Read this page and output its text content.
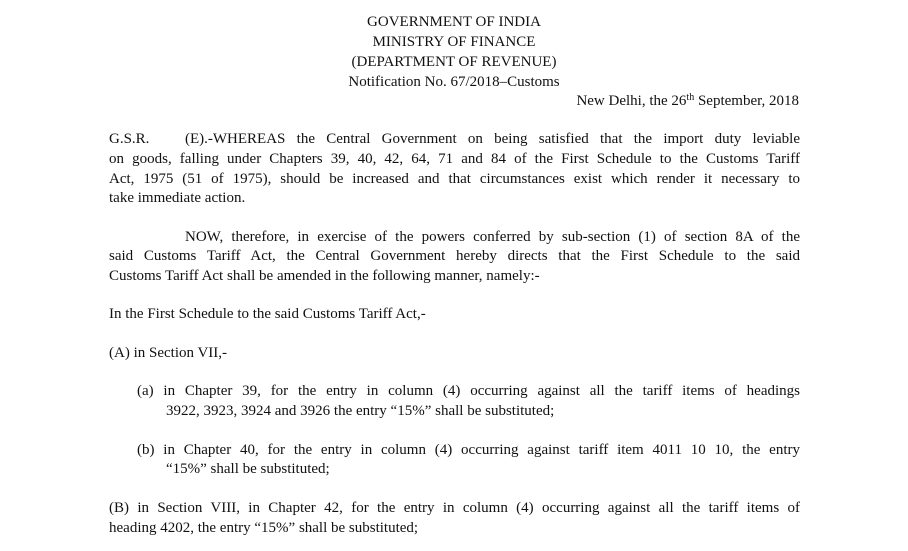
GOVERNMENT OF INDIA
MINISTRY OF FINANCE
(DEPARTMENT OF REVENUE)
Notification No. 67/2018–Customs
New Delhi, the 26th September, 2018
G.S.R. (E).-WHEREAS the Central Government on being satisfied that the import duty leviable
on goods, falling under Chapters 39, 40, 42, 64, 71 and 84 of the First Schedule to the Customs Tariff
Act, 1975 (51 of 1975), should be increased and that circumstances exist which render it necessary to
take immediate action.
NOW, therefore, in exercise of the powers conferred by sub-section (1) of section 8A of the
said Customs Tariff Act, the Central Government hereby directs that the First Schedule to the said
Customs Tariff Act shall be amended in the following manner, namely:-
In the First Schedule to the said Customs Tariff Act,-
(A) in Section VII,-
(a) in Chapter 39, for the entry in column (4) occurring against all the tariff items of headings
3922, 3923, 3924 and 3926 the entry “15%” shall be substituted;
(b) in Chapter 40, for the entry in column (4) occurring against tariff item 4011 10 10, the entry
“15%” shall be substituted;
(B) in Section VIII, in Chapter 42, for the entry in column (4) occurring against all the tariff items of
heading 4202, the entry “15%” shall be substituted;
